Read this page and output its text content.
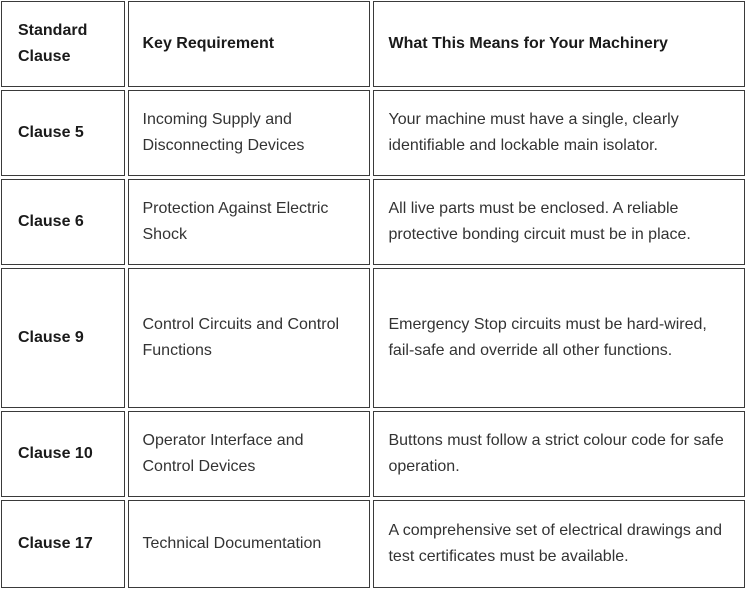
Standard Clause	Key Requirement	What This Means for Your Machinery
Clause 5	Incoming Supply and Disconnecting Devices	Your machine must have a single, clearly identifiable and lockable main isolator.
Clause 6	Protection Against Electric Shock	All live parts must be enclosed. A reliable protective bonding circuit must be in place.
Clause 9	Control Circuits and Control Functions	Emergency Stop circuits must be hard-wired, fail-safe and override all other functions.
Clause 10	Operator Interface and Control Devices	Buttons must follow a strict colour code for safe operation.
Clause 17	Technical Documentation	A comprehensive set of electrical drawings and test certificates must be available.
